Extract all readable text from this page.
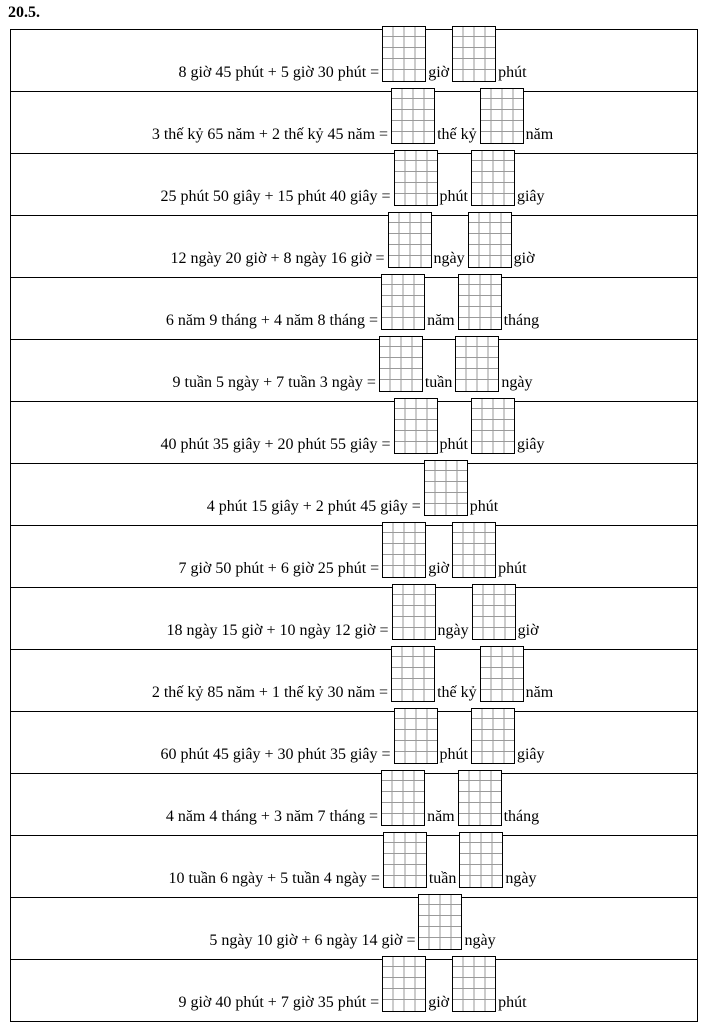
20.5.
8 giờ 45 phút + 5 giờ 30 phút =	giờ	phút
3 thế kỷ 65 năm + 2 thế kỷ 45 năm =	thế kỷ	năm
25 phút 50 giây + 15 phút 40 giây =	phút	giây
12 ngày 20 giờ + 8 ngày 16 giờ =	ngày	giờ
6 năm 9 tháng + 4 năm 8 tháng =	năm	tháng
9 tuần 5 ngày + 7 tuần 3 ngày =	tuần	ngày
40 phút 35 giây + 20 phút 55 giây =	phút	giây
4 phút 15 giây + 2 phút 45 giây =	phút
7 giờ 50 phút + 6 giờ 25 phút =	giờ	phút
18 ngày 15 giờ + 10 ngày 12 giờ =	ngày	giờ
2 thế kỷ 85 năm + 1 thế kỷ 30 năm =	thế kỷ	năm
60 phút 45 giây + 30 phút 35 giây =	phút	giây
4 năm 4 tháng + 3 năm 7 tháng =	năm	tháng
10 tuần 6 ngày + 5 tuần 4 ngày =	tuần	ngày
5 ngày 10 giờ + 6 ngày 14 giờ =	ngày
9 giờ 40 phút + 7 giờ 35 phút =	giờ	phút
